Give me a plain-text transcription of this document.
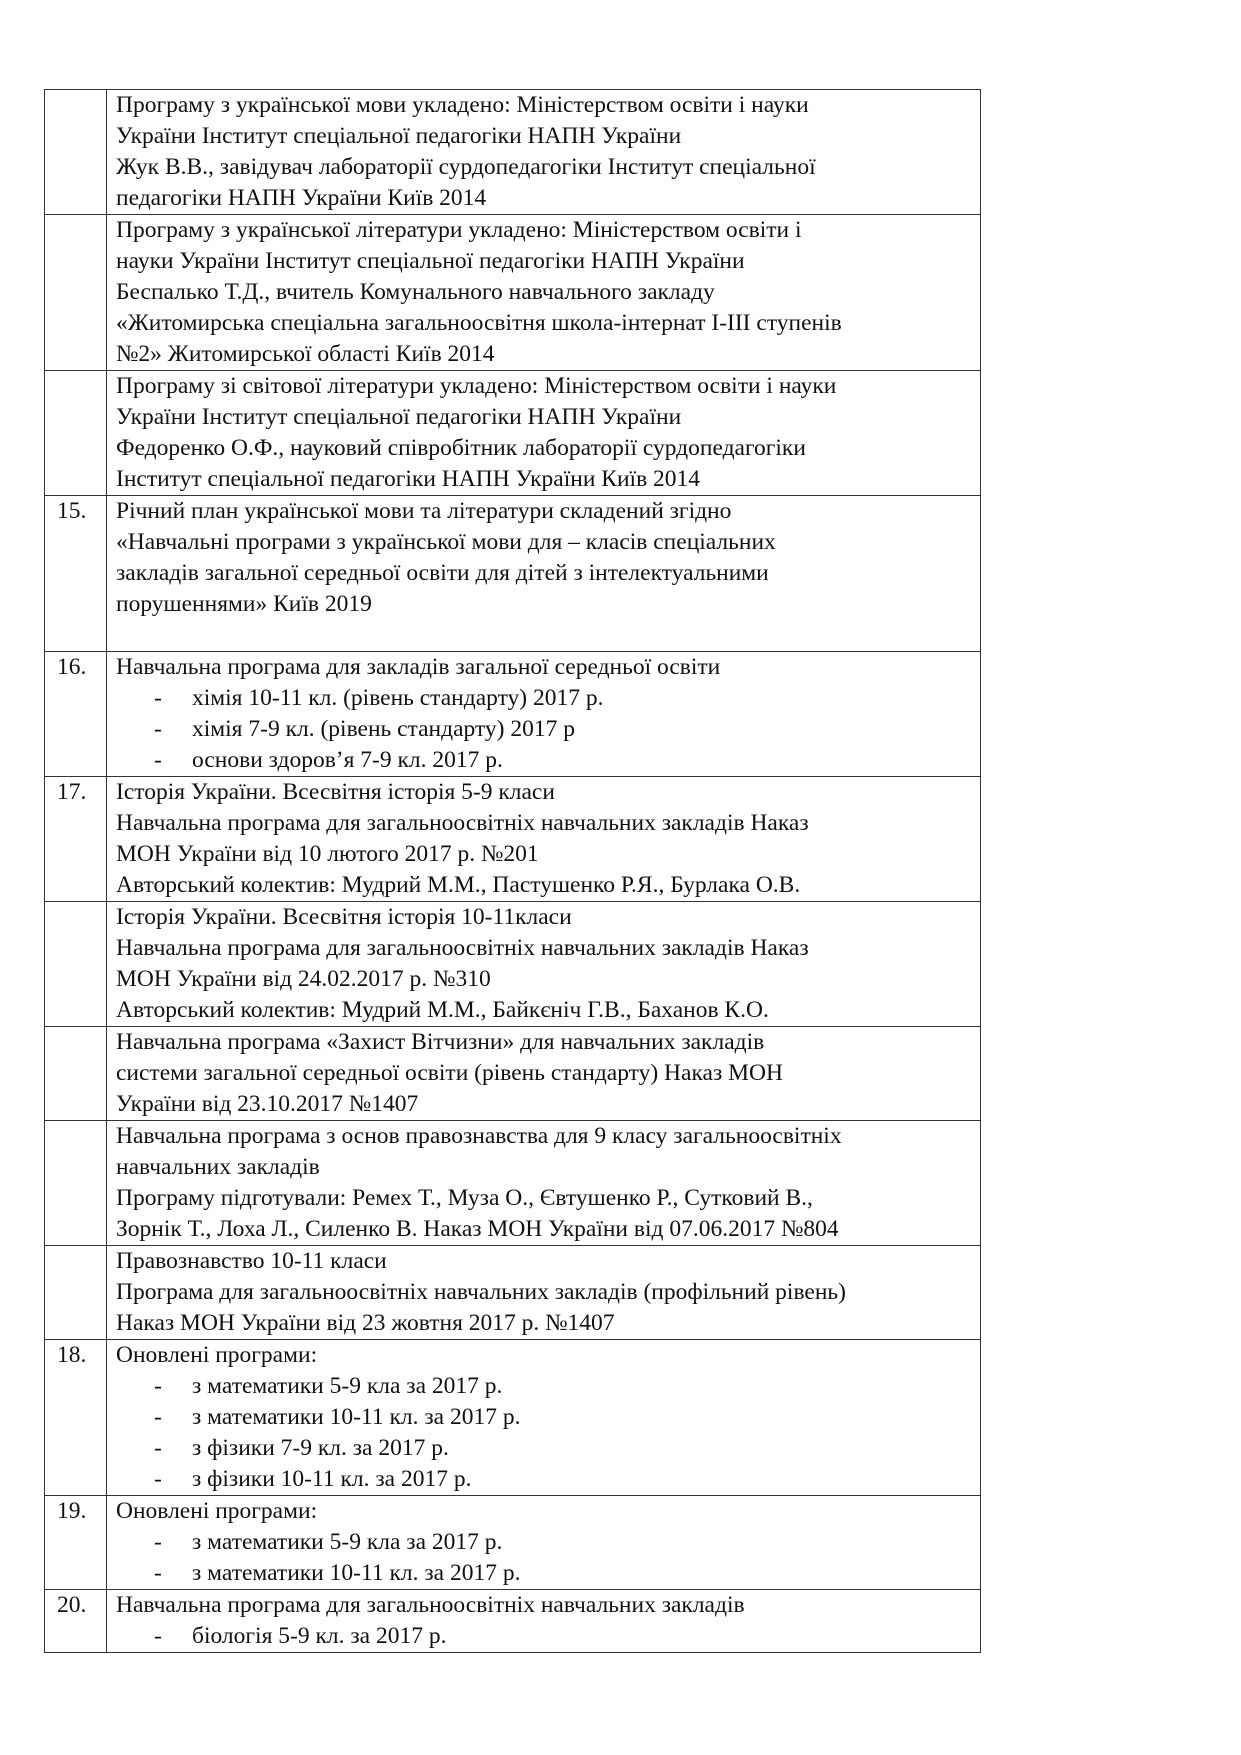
	Програму з української мови укладено: Міністерством освіти і науки
України Інститут спеціальної педагогіки НАПН України
Жук В.В., завідувач лабораторії сурдопедагогіки Інститут спеціальної
педагогіки НАПН України Київ 2014

	Програму з української літератури укладено: Міністерством освіти і
науки України Інститут спеціальної педагогіки НАПН України
Беспалько Т.Д., вчитель Комунального навчального закладу
«Житомирська спеціальна загальноосвітня школа-інтернат І-ІІІ ступенів
№2» Житомирської області Київ 2014

	Програму зі світової літератури укладено: Міністерством освіти і науки
України Інститут спеціальної педагогіки НАПН України
Федоренко О.Ф., науковий співробітник лабораторії сурдопедагогіки
Інститут спеціальної педагогіки НАПН України Київ 2014

15.	Річний план української мови та літератури складений згідно
«Навчальні програми з української мови для – класів спеціальних
закладів загальної середньої освіти для дітей з інтелектуальними
порушеннями» Київ 2019

16.	Навчальна програма для закладів загальної середньої освіти
- хімія 10-11 кл. (рівень стандарту) 2017 р.
- хімія 7-9 кл. (рівень стандарту) 2017 р
- основи здоров’я 7-9 кл. 2017 р.

17.	Історія України. Всесвітня історія 5-9 класи
Навчальна програма для загальноосвітніх навчальних закладів Наказ
МОН України від 10 лютого 2017 р. №201
Авторський колектив: Мудрий М.М., Пастушенко Р.Я., Бурлака О.В.

	Історія України. Всесвітня історія 10-11класи
Навчальна програма для загальноосвітніх навчальних закладів Наказ
МОН України від 24.02.2017 р. №310
Авторський колектив: Мудрий М.М., Байкєніч Г.В., Баханов К.О.

	Навчальна програма «Захист Вітчизни» для навчальних закладів
системи загальної середньої освіти (рівень стандарту) Наказ МОН
України від 23.10.2017 №1407

	Навчальна програма з основ правознавства для 9 класу загальноосвітніх
навчальних закладів
Програму підготували: Ремех Т., Муза О., Євтушенко Р., Сутковий В.,
Зорнік Т., Лоха Л., Силенко В. Наказ МОН України від 07.06.2017 №804

	Правознавство 10-11 класи
Програма для загальноосвітніх навчальних закладів (профільний рівень)
Наказ МОН України від 23 жовтня 2017 р. №1407

18.	Оновлені програми:
- з математики 5-9 кла за 2017 р.
- з математики 10-11 кл. за 2017 р.
- з фізики 7-9 кл. за 2017 р.
- з фізики 10-11 кл. за 2017 р.

19.	Оновлені програми:
- з математики 5-9 кла за 2017 р.
- з математики 10-11 кл. за 2017 р.

20.	Навчальна програма для загальноосвітніх навчальних закладів
- біологія 5-9 кл. за 2017 р.
